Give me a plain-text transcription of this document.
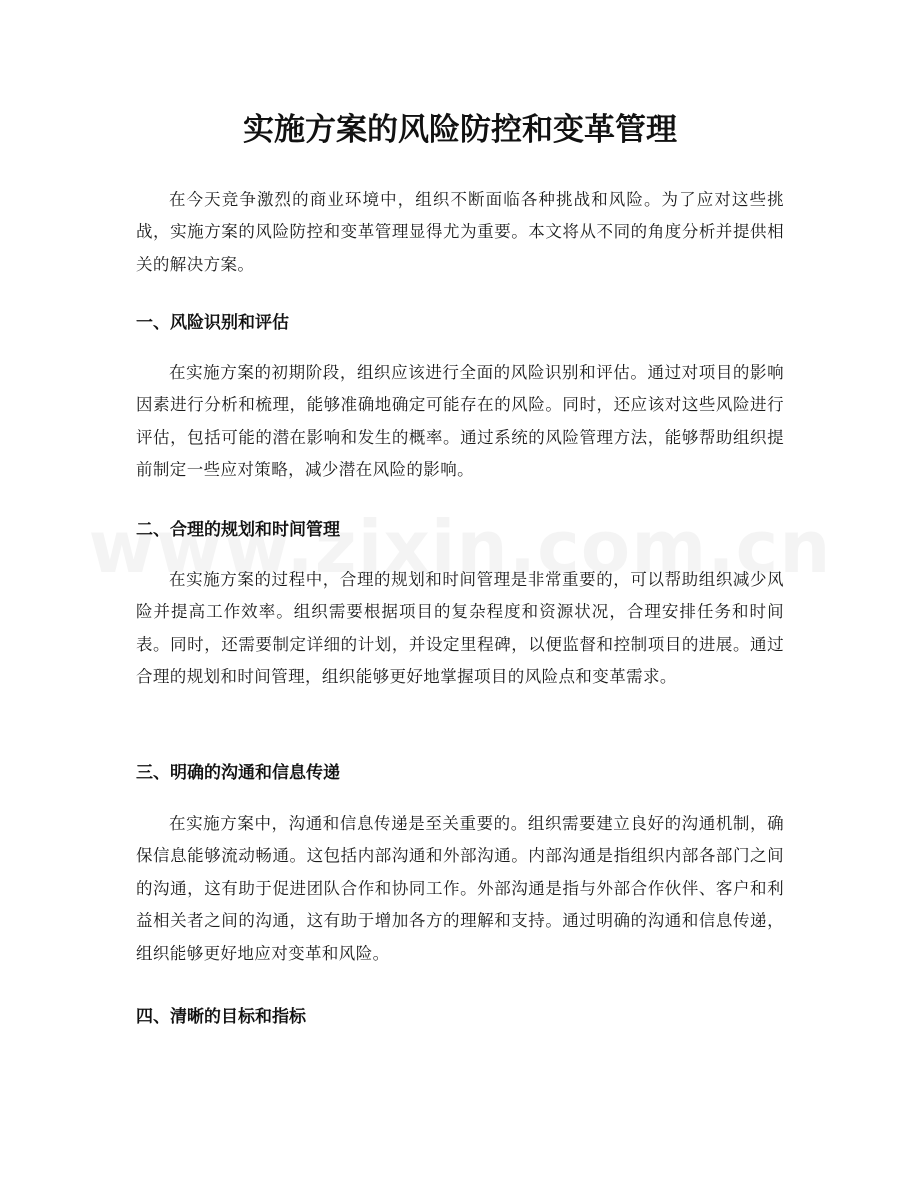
实施方案的风险防控和变革管理

在今天竞争激烈的商业环境中，组织不断面临各种挑战和风险。为了应对这些挑战，实施方案的风险防控和变革管理显得尤为重要。本文将从不同的角度分析并提供相关的解决方案。

一、风险识别和评估

在实施方案的初期阶段，组织应该进行全面的风险识别和评估。通过对项目的影响因素进行分析和梳理，能够准确地确定可能存在的风险。同时，还应该对这些风险进行评估，包括可能的潜在影响和发生的概率。通过系统的风险管理方法，能够帮助组织提前制定一些应对策略，减少潜在风险的影响。

二、合理的规划和时间管理

在实施方案的过程中，合理的规划和时间管理是非常重要的，可以帮助组织减少风险并提高工作效率。组织需要根据项目的复杂程度和资源状况，合理安排任务和时间表。同时，还需要制定详细的计划，并设定里程碑，以便监督和控制项目的进展。通过合理的规划和时间管理，组织能够更好地掌握项目的风险点和变革需求。

三、明确的沟通和信息传递

在实施方案中，沟通和信息传递是至关重要的。组织需要建立良好的沟通机制，确保信息能够流动畅通。这包括内部沟通和外部沟通。内部沟通是指组织内部各部门之间的沟通，这有助于促进团队合作和协同工作。外部沟通是指与外部合作伙伴、客户和利益相关者之间的沟通，这有助于增加各方的理解和支持。通过明确的沟通和信息传递，组织能够更好地应对变革和风险。

四、清晰的目标和指标
